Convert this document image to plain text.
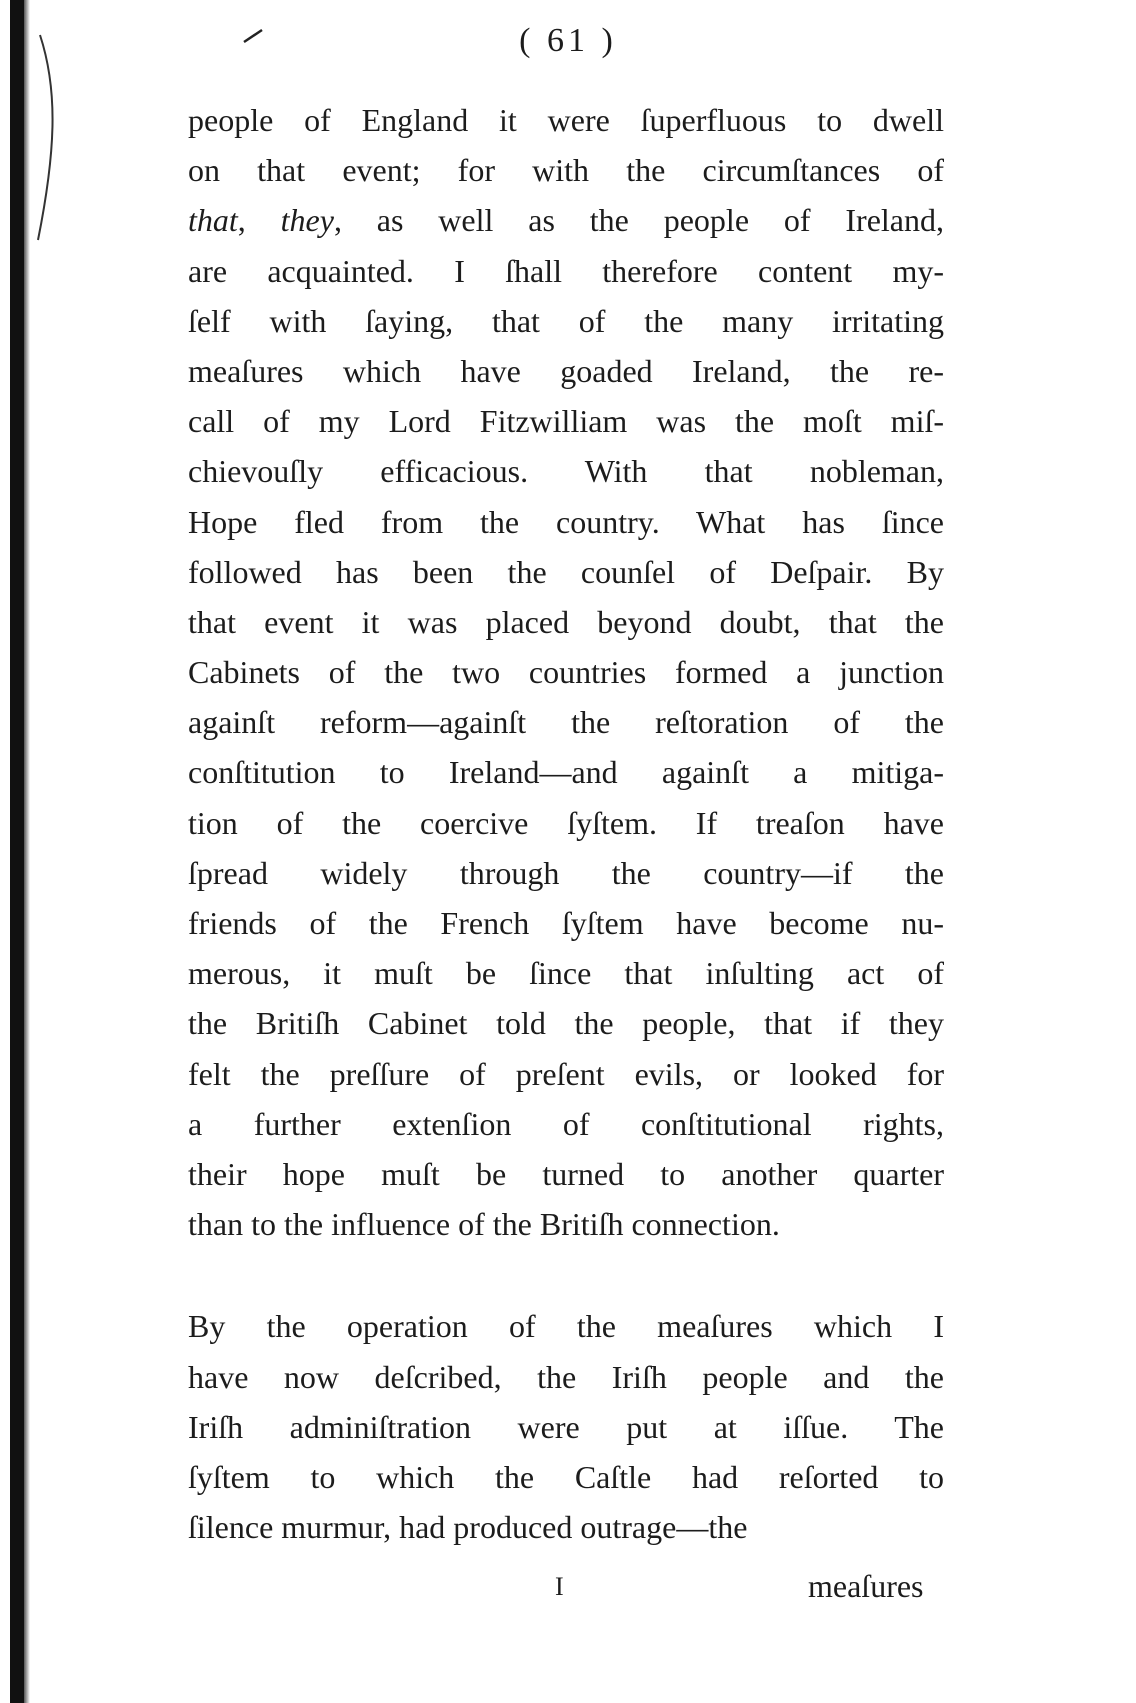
( 61 )
people of England it were ſuperfluous to dwell
on that event; for with the circumſtances of
that, they, as well as the people of Ireland,
are acquainted. I ſhall therefore content my-
ſelf with ſaying, that of the many irritating
meaſures which have goaded Ireland, the re-
call of my Lord Fitzwilliam was the moſt miſ-
chievouſly efficacious. With that nobleman,
Hope fled from the country. What has ſince
followed has been the counſel of Deſpair. By
that event it was placed beyond doubt, that the
Cabinets of the two countries formed a junction
againſt reform—againſt the reſtoration of the
conſtitution to Ireland—and againſt a mitiga-
tion of the coercive ſyſtem. If treaſon have
ſpread widely through the country—if the
friends of the French ſyſtem have become nu-
merous, it muſt be ſince that inſulting act of
the Britiſh Cabinet told the people, that if they
felt the preſſure of preſent evils, or looked for
a further extenſion of conſtitutional rights,
their hope muſt be turned to another quarter
than to the influence of the Britiſh connection.
By the operation of the meaſures which I
have now deſcribed, the Iriſh people and the
Iriſh adminiſtration were put at iſſue. The
ſyſtem to which the Caſtle had reſorted to
ſilence murmur, had produced outrage—the
I	meaſures
